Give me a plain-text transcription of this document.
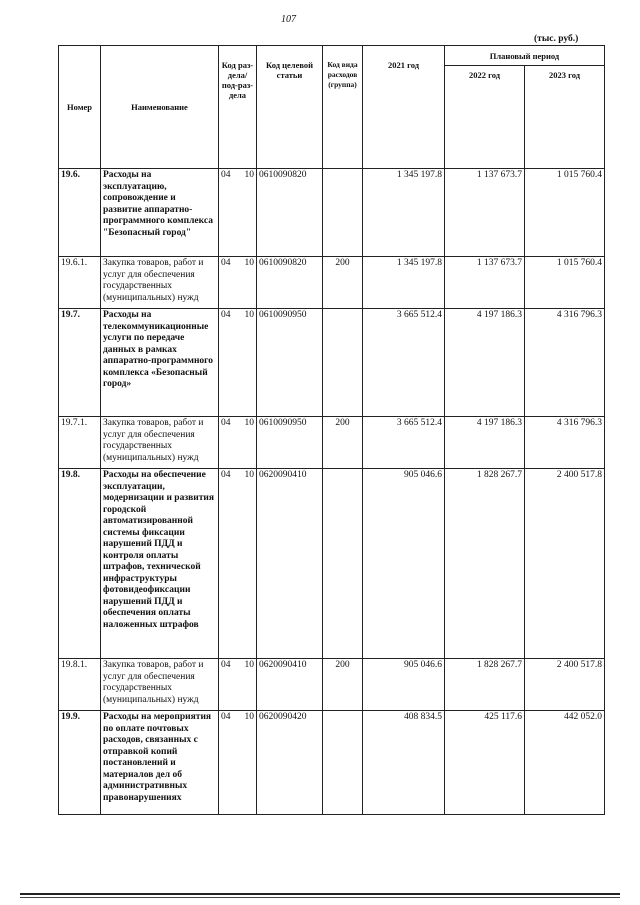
107
(тыс. руб.)
Номер	Наименование	Код раз-дела/под-раз-дела	Код целевой статьи	Код вида расходов (группа)	2021 год	Плановый период	
						2022 год	2023 год
19.6.	Расходы на эксплуатацию, сопровождение и развитие аппаратно-программного комплекса "Безопасный город"	04 10	0610090820		1 345 197.8	1 137 673.7	1 015 760.4
19.6.1.	Закупка товаров, работ и услуг для обеспечения государственных (муниципальных) нужд	04 10	0610090820	200	1 345 197.8	1 137 673.7	1 015 760.4
19.7.	Расходы на телекоммуникационные услуги по передаче данных в рамках аппаратно-программного комплекса «Безопасный город»	04 10	0610090950		3 665 512.4	4 197 186.3	4 316 796.3
19.7.1.	Закупка товаров, работ и услуг для обеспечения государственных (муниципальных) нужд	04 10	0610090950	200	3 665 512.4	4 197 186.3	4 316 796.3
19.8.	Расходы на обеспечение эксплуатации, модернизации и развития городской автоматизированной системы фиксации нарушений ПДД и контроля оплаты штрафов, технической инфраструктуры фотовидеофиксации нарушений ПДД и обеспечения оплаты наложенных штрафов	04 10	0620090410		905 046.6	1 828 267.7	2 400 517.8
19.8.1.	Закупка товаров, работ и услуг для обеспечения государственных (муниципальных) нужд	04 10	0620090410	200	905 046.6	1 828 267.7	2 400 517.8
19.9.	Расходы на мероприятия по оплате почтовых расходов, связанных с отправкой копий постановлений и материалов дел об административных правонарушениях	04 10	0620090420		408 834.5	425 117.6	442 052.0
